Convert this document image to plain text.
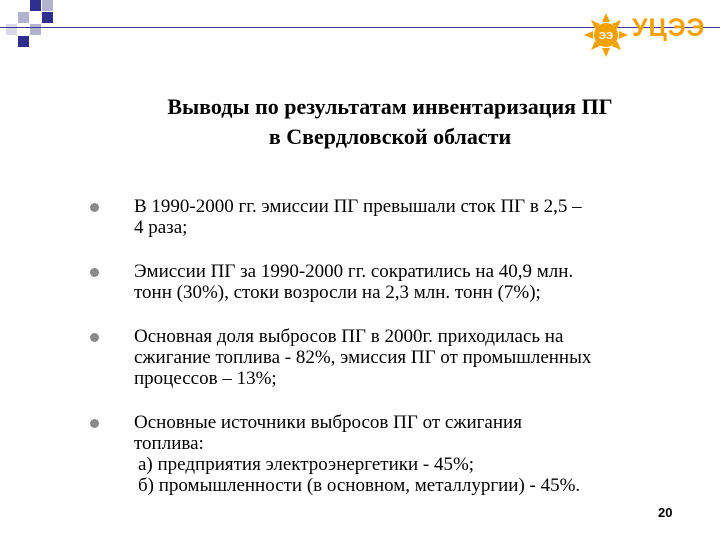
ЭЭ УЦЭЭ
Выводы по результатам инвентаризация ПГ
в Свердловской области
В 1990-2000 гг. эмиссии ПГ превышали сток ПГ в 2,5 –
4 раза;
Эмиссии ПГ за 1990-2000 гг. сократились на 40,9 млн.
тонн (30%), стоки возросли на 2,3 млн. тонн (7%);
Основная доля выбросов ПГ в 2000г. приходилась на
сжигание топлива - 82%, эмиссия ПГ от промышленных
процессов – 13%;
Основные источники выбросов ПГ от сжигания
топлива:
а) предприятия электроэнергетики - 45%;
б) промышленности (в основном, металлургии) - 45%.
20
